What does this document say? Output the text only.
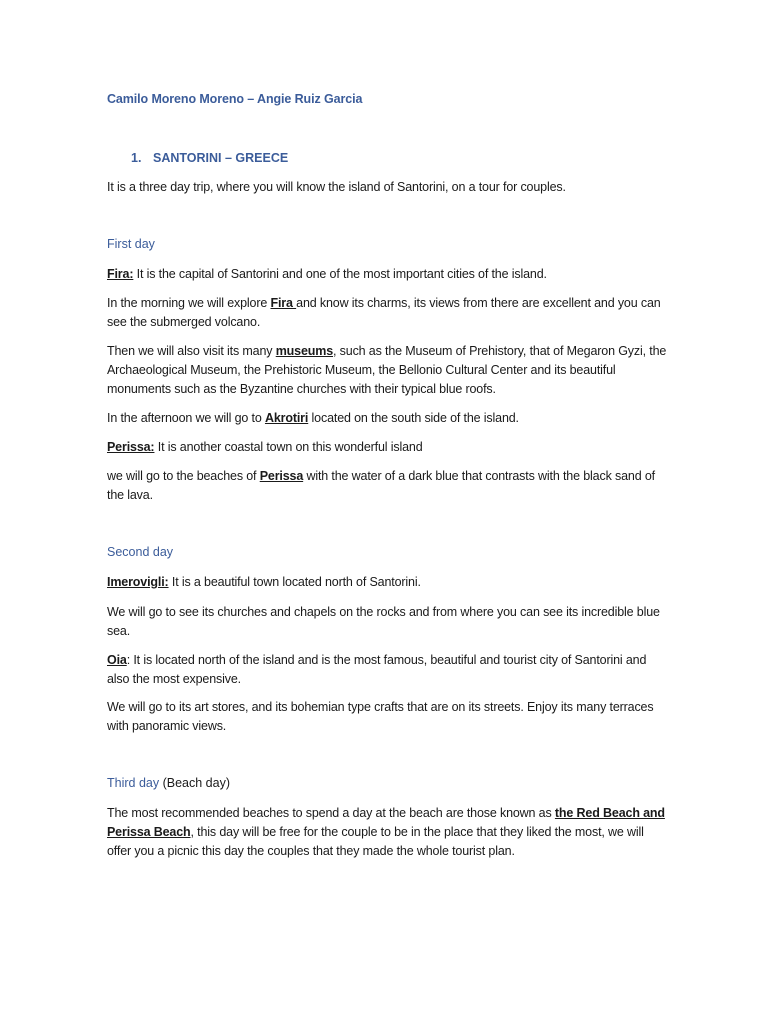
Camilo Moreno Moreno – Angie Ruiz Garcia
1. SANTORINI – GREECE
It is a three day trip, where you will know the island of Santorini, on a tour for couples.
First day
Fira: It is the capital of Santorini and one of the most important cities of the island.
In the morning we will explore Fira and know its charms, its views from there are excellent and you can see the submerged volcano.
Then we will also visit its many museums, such as the Museum of Prehistory, that of Megaron Gyzi, the Archaeological Museum, the Prehistoric Museum, the Bellonio Cultural Center and its beautiful monuments such as the Byzantine churches with their typical blue roofs.
In the afternoon we will go to Akrotiri located on the south side of the island.
Perissa: It is another coastal town on this wonderful island
we will go to the beaches of Perissa with the water of a dark blue that contrasts with the black sand of the lava.
Second day
Imerovigli: It is a beautiful town located north of Santorini.
We will go to see its churches and chapels on the rocks and from where you can see its incredible blue sea.
Oia: It is located north of the island and is the most famous, beautiful and tourist city of Santorini and also the most expensive.
We will go to its art stores, and its bohemian type crafts that are on its streets. Enjoy its many terraces with panoramic views.
Third day (Beach day)
The most recommended beaches to spend a day at the beach are those known as the Red Beach and Perissa Beach, this day will be free for the couple to be in the place that they liked the most, we will offer you a picnic this day the couples that they made the whole tourist plan.
